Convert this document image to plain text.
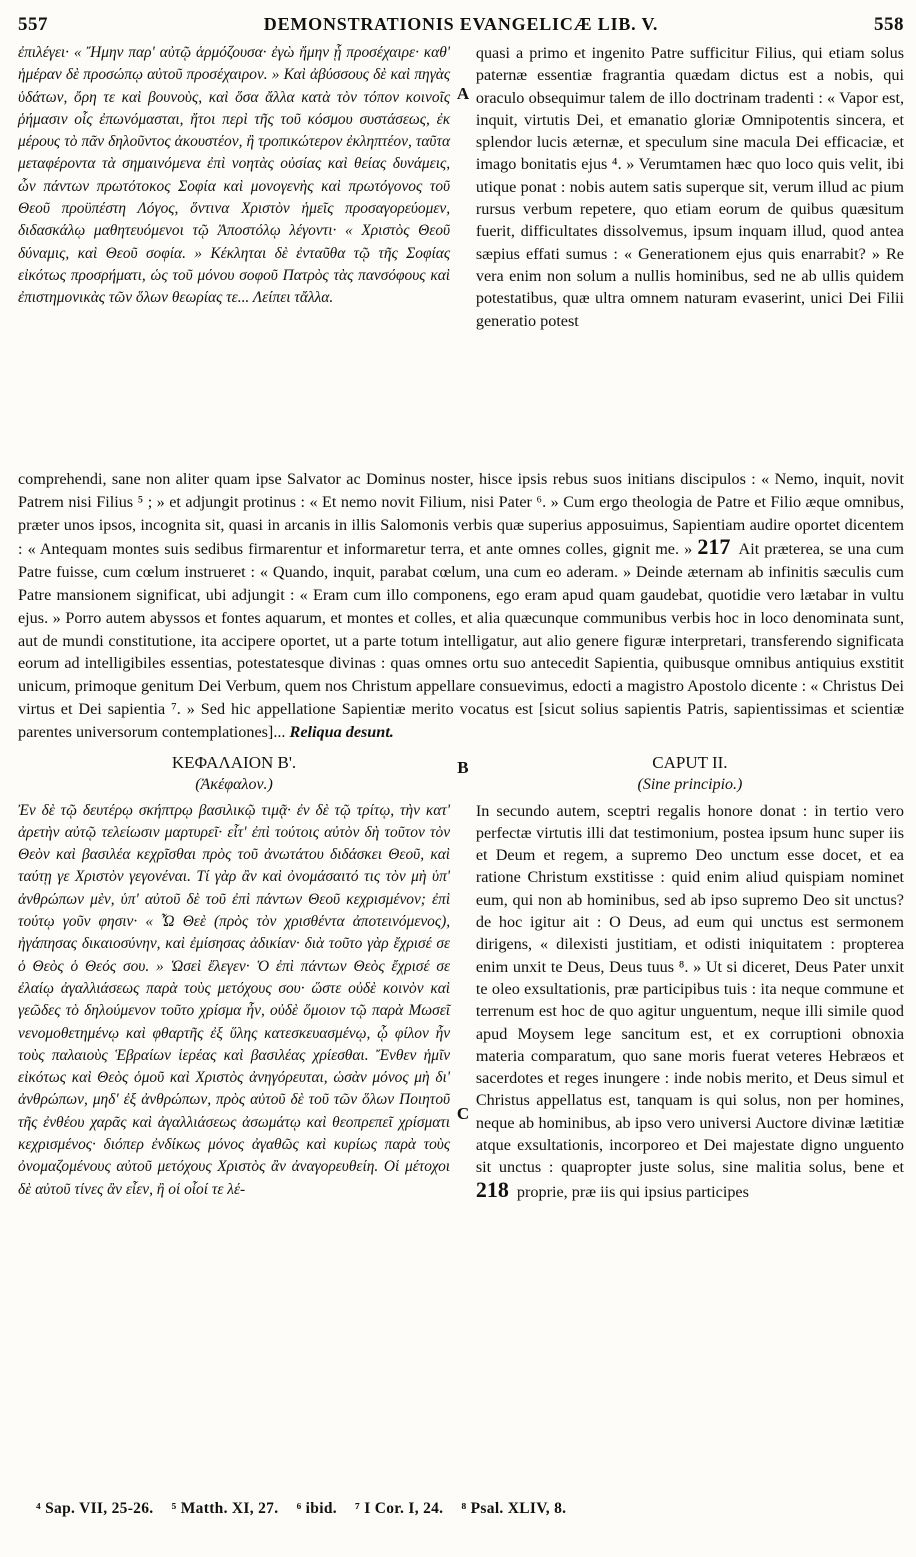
557	DEMONSTRATIONIS EVANGELICÆ LIB. V.	558

ἐπιλέγει· « Ἤμην παρ' αὐτῷ ἁρμόζουσα· ἐγὼ ἤμην ᾗ προσέχαιρε· καθ' ἡμέραν δὲ προσώπῳ αὐτοῦ προσέχαιρον. » Καὶ ἀβύσσους δὲ καὶ πηγὰς ὑδάτων, ὄρη τε καὶ βουνοὺς, καὶ ὅσα ἄλλα κατὰ τὸν τόπον κοινοῖς ῥήμασιν οἷς ἐπωνόμασται, ἤτοι περὶ τῆς τοῦ κόσμου συστάσεως, ἐκ μέρους τὸ πᾶν δηλοῦντος ἀκουστέον, ἢ τροπικώτερον ἐκληπτέον, ταῦτα μεταφέροντα τὰ σημαινόμενα ἐπὶ νοητὰς οὐσίας καὶ θείας δυνάμεις, ὧν πάντων πρωτότοκος Σοφία καὶ μονογενὴς καὶ πρωτόγονος τοῦ Θεοῦ προϋπέστη Λόγος, ὅντινα Χριστὸν ἡμεῖς προσαγορεύομεν, διδασκάλῳ μαθητευόμενοι τῷ Ἀποστόλῳ λέγοντι· « Χριστὸς Θεοῦ δύναμις, καὶ Θεοῦ σοφία. » Κέκληται δὲ ἐνταῦθα τῷ τῆς Σοφίας εἰκότως προσρήματι, ὡς τοῦ μόνου σοφοῦ Πατρὸς τὰς πανσόφους καὶ ἐπιστημονικὰς τῶν ὅλων θεωρίας τε... Λείπει τἄλλα.

A

quasi a primo et ingenito Patre sufficitur Filius, qui etiam solus paternæ essentiæ fragrantia quædam dictus est a nobis, qui oraculo obsequimur talem de illo doctrinam tradenti : « Vapor est, inquit, virtutis Dei, et emanatio gloriæ Omnipotentis sincera, et splendor lucis æternæ, et speculum sine macula Dei efficaciæ, et imago bonitatis ejus ⁴. » Verumtamen hæc quo loco quis velit, ibi utique ponat : nobis autem satis superque sit, verum illud ac pium rursus verbum repetere, quo etiam eorum de quibus quæsitum fuerit, difficultates dissolvemus, ipsum inquam illud, quod antea sæpius effati sumus : « Generationem ejus quis enarrabit? » Re vera enim non solum a nullis hominibus, sed ne ab ullis quidem potestatibus, quæ ultra omnem naturam evaserint, unici Dei Filii generatio potest

comprehendi, sane non aliter quam ipse Salvator ac Dominus noster, hisce ipsis rebus suos initians discipulos : « Nemo, inquit, novit Patrem nisi Filius ⁵ ; » et adjungit protinus : « Et nemo novit Filium, nisi Pater ⁶. » Cum ergo theologia de Patre et Filio æque omnibus, præter unos ipsos, incognita sit, quasi in arcanis in illis Salomonis verbis quæ superius apposuimus, Sapientiam audire oportet dicentem : « Antequam montes suis sedibus firmarentur et informaretur terra, et ante omnes colles, gignit me. » 217 Ait præterea, se una cum Patre fuisse, cum cœlum instrueret : « Quando, inquit, parabat cœlum, una cum eo aderam. » Deinde æternam ab infinitis sæculis cum Patre mansionem significat, ubi adjungit : « Eram cum illo componens, ego eram apud quam gaudebat, quotidie vero lætabar in vultu ejus. » Porro autem abyssos et fontes aquarum, et montes et colles, et alia quæcunque communibus verbis hoc in loco denominata sunt, aut de mundi constitutione, ita accipere oportet, ut a parte totum intelligatur, aut alio genere figuræ interpretari, transferendo significata eorum ad intelligibiles essentias, potestatesque divinas : quas omnes ortu suo antecedit Sapientia, quibusque omnibus antiquius exstitit unicum, primoque genitum Dei Verbum, quem nos Christum appellare consuevimus, edocti a magistro Apostolo dicente : « Christus Dei virtus et Dei sapientia ⁷. » Sed hic appellatione Sapientiæ merito vocatus est [sicut solius sapientis Patris, sapientissimas et scientiæ parentes universorum contemplationes]... Reliqua desunt.
ΚΕΦΑΛΑΙΟΝ Β'.
(Ἀκέφαλον.)

Ἐν δὲ τῷ δευτέρῳ σκήπτρῳ βασιλικῷ τιμᾷ· ἐν δὲ τῷ τρίτῳ, τὴν κατ' ἀρετὴν αὐτῷ τελείωσιν μαρτυρεῖ· εἶτ' ἐπὶ τούτοις αὐτὸν δὴ τοῦτον τὸν Θεὸν καὶ βασιλέα κεχρῖσθαι πρὸς τοῦ ἀνωτάτου διδάσκει Θεοῦ, καὶ ταύτῃ γε Χριστὸν γεγονέναι. Τί γὰρ ἂν καὶ ὀνομάσαιτό τις τὸν μὴ ὑπ' ἀνθρώπων μὲν, ὑπ' αὐτοῦ δὲ τοῦ ἐπὶ πάντων Θεοῦ κεχρισμένον; ἐπὶ τούτῳ γοῦν φησιν· « Ὦ Θεὲ (πρὸς τὸν χρισθέντα ἀποτεινόμενος), ἠγάπησας δικαιοσύνην, καὶ ἐμίσησας ἀδικίαν· διὰ τοῦτο γὰρ ἔχρισέ σε ὁ Θεὸς ὁ Θεός σου. » Ὡσεὶ ἔλεγεν· Ὁ ἐπὶ πάντων Θεὸς ἔχρισέ σε ἐλαίῳ ἀγαλλιάσεως παρὰ τοὺς μετόχους σου· ὥστε οὐδὲ κοινὸν καὶ γεῶδες τὸ δηλούμενον τοῦτο χρίσμα ἦν, οὐδὲ ὅμοιον τῷ παρὰ Μωσεῖ νενομοθετημένῳ καὶ φθαρτῆς ἐξ ὕλης κατεσκευασμένῳ, ᾧ φίλον ἦν τοὺς παλαιοὺς Ἑβραίων ἱερέας καὶ βασιλέας χρίεσθαι. Ἔνθεν ἡμῖν εἰκότως καὶ Θεὸς ὁμοῦ καὶ Χριστὸς ἀνηγόρευται, ὡσὰν μόνος μὴ δι' ἀνθρώπων, μηδ' ἐξ ἀνθρώπων, πρὸς αὐτοῦ δὲ τοῦ τῶν ὅλων Ποιητοῦ τῆς ἐνθέου χαρᾶς καὶ ἀγαλλιάσεως ἀσωμάτῳ καὶ θεοπρεπεῖ χρίσματι κεχρισμένος· διόπερ ἐνδίκως μόνος ἀγαθῶς καὶ κυρίως παρὰ τοὺς ὀνομαζομένους αὐτοῦ μετόχους Χριστὸς ἂν ἀναγορευθείη. Οἱ μέτοχοι δὲ αὐτοῦ τίνες ἂν εἶεν, ἢ οἱ οἷοί τε λέ-

B
C
CAPUT II.
(Sine principio.)

In secundo autem, sceptri regalis honore donat : in tertio vero perfectæ virtutis illi dat testimonium, postea ipsum hunc super iis et Deum et regem, a supremo Deo unctum esse docet, et ea ratione Christum exstitisse : quid enim aliud quispiam nominet eum, qui non ab hominibus, sed ab ipso supremo Deo sit unctus? de hoc igitur ait : O Deus, ad eum qui unctus est sermonem dirigens, « dilexisti justitiam, et odisti iniquitatem : propterea enim unxit te Deus, Deus tuus ⁸. » Ut si diceret, Deus Pater unxit te oleo exsultationis, præ participibus tuis : ita neque commune et terrenum est hoc de quo agitur unguentum, neque illi simile quod apud Moysem lege sancitum est, et ex corruptioni obnoxia materia comparatum, quo sane moris fuerat veteres Hebræos et sacerdotes et reges inungere : inde nobis merito, et Deus simul et Christus appellatus est, tanquam is qui solus, non per homines, neque ab hominibus, ab ipso vero universi Auctore divinæ lætitiæ atque exsultationis, incorporeo et Dei majestate digno unguento sit unctus : quapropter juste solus, sine malitia solus, bene et 218 proprie, præ iis qui ipsius participes

⁴ Sap. VII, 25-26. ⁵ Matth. XI, 27. ⁶ ibid. ⁷ I Cor. I, 24. ⁸ Psal. XLIV, 8.
